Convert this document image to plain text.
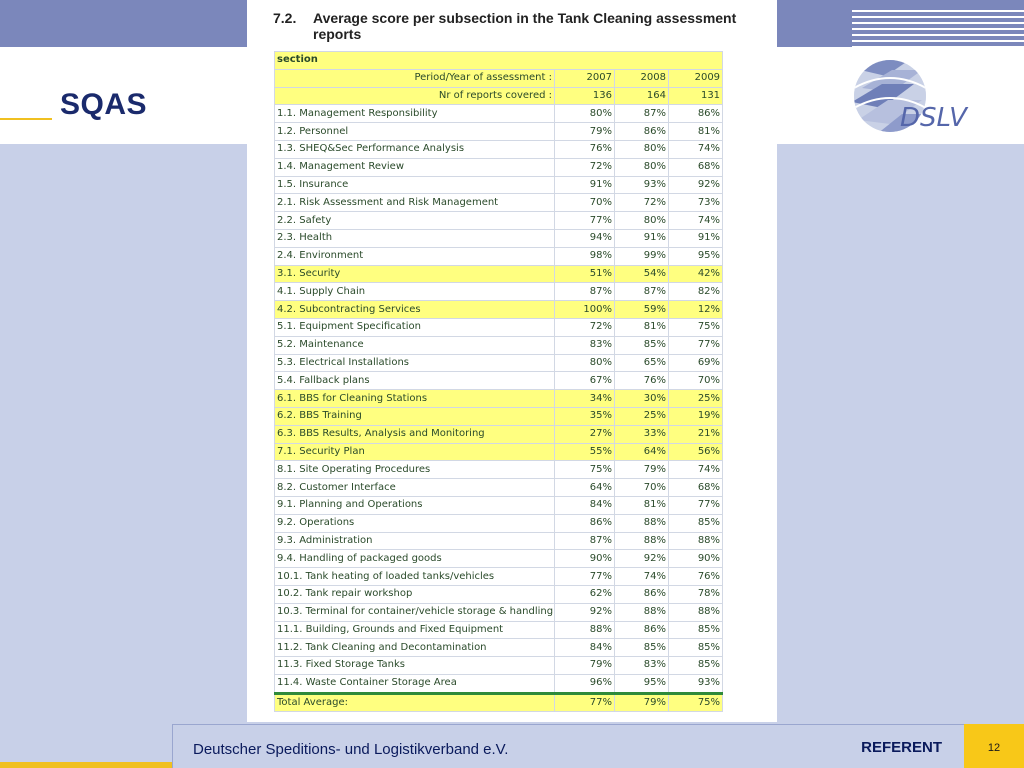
SQAS	DSLV
7.2. Average score per subsection in the Tank Cleaning assessment reports
section			
Period/Year of assessment :	2007	2008	2009
Nr of reports covered :	136	164	131
1.1. Management Responsibility	80%	87%	86%
1.2. Personnel	79%	86%	81%
1.3. SHEQ&Sec Performance Analysis	76%	80%	74%
1.4. Management Review	72%	80%	68%
1.5. Insurance	91%	93%	92%
2.1. Risk Assessment and Risk Management	70%	72%	73%
2.2. Safety	77%	80%	74%
2.3. Health	94%	91%	91%
2.4. Environment	98%	99%	95%
3.1. Security	51%	54%	42%
4.1. Supply Chain	87%	87%	82%
4.2. Subcontracting Services	100%	59%	12%
5.1. Equipment Specification	72%	81%	75%
5.2. Maintenance	83%	85%	77%
5.3. Electrical Installations	80%	65%	69%
5.4. Fallback plans	67%	76%	70%
6.1. BBS for Cleaning Stations	34%	30%	25%
6.2. BBS Training	35%	25%	19%
6.3. BBS Results, Analysis and Monitoring	27%	33%	21%
7.1. Security Plan	55%	64%	56%
8.1. Site Operating Procedures	75%	79%	74%
8.2. Customer Interface	64%	70%	68%
9.1. Planning and Operations	84%	81%	77%
9.2. Operations	86%	88%	85%
9.3. Administration	87%	88%	88%
9.4. Handling of packaged goods	90%	92%	90%
10.1. Tank heating of loaded tanks/vehicles	77%	74%	76%
10.2. Tank repair workshop	62%	86%	78%
10.3. Terminal for container/vehicle storage & handling	92%	88%	88%
11.1. Building, Grounds and Fixed Equipment	88%	86%	85%
11.2. Tank Cleaning and Decontamination	84%	85%	85%
11.3. Fixed Storage Tanks	79%	83%	85%
11.4. Waste Container Storage Area	96%	95%	93%
Total Average:	77%	79%	75%
Deutscher Speditions- und Logistikverband e.V.	REFERENT	12
